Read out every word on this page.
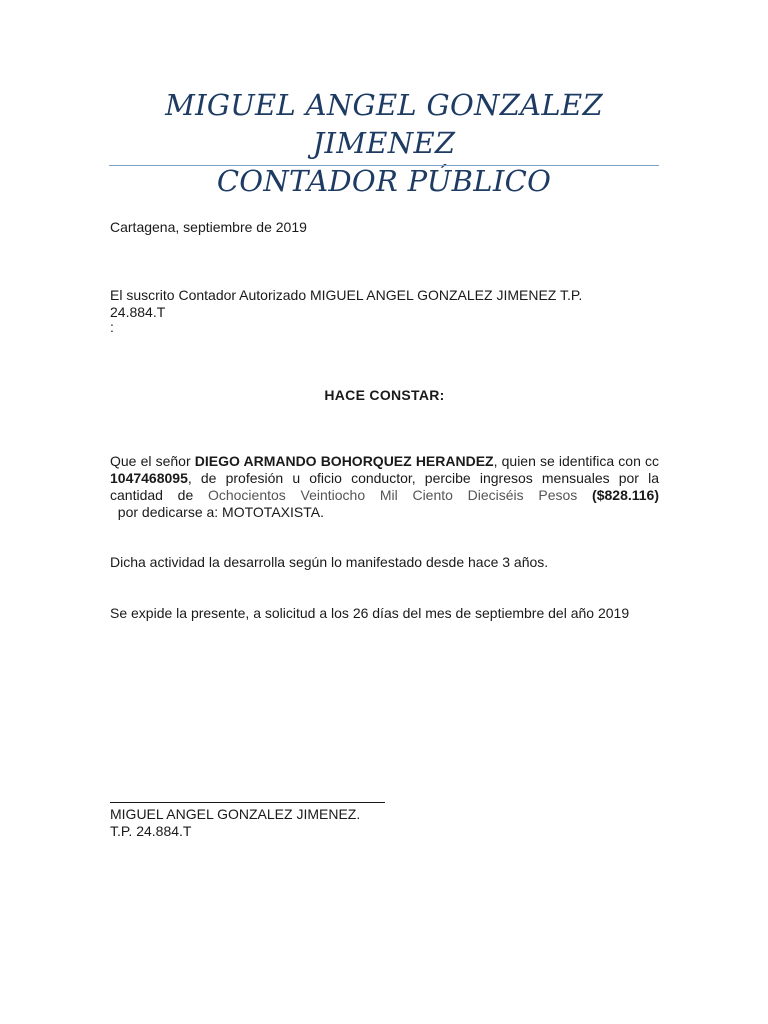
MIGUEL ANGEL GONZALEZ JIMENEZ
CONTADOR PÚBLICO
Cartagena, septiembre de 2019
El suscrito Contador Autorizado MIGUEL ANGEL GONZALEZ JIMENEZ T.P.
24.884.T
:
HACE CONSTAR:
Que el señor DIEGO ARMANDO BOHORQUEZ HERANDEZ, quien se identifica con cc 1047468095, de profesión u oficio conductor, percibe ingresos mensuales por la cantidad de Ochocientos Veintiocho Mil Ciento Dieciséis Pesos ($828.116)  por dedicarse a: MOTOTAXISTA.
Dicha actividad la desarrolla según lo manifestado desde hace 3 años.
Se expide la presente, a solicitud a los 26 días del mes de septiembre del año 2019
MIGUEL ANGEL GONZALEZ JIMENEZ.
T.P. 24.884.T
